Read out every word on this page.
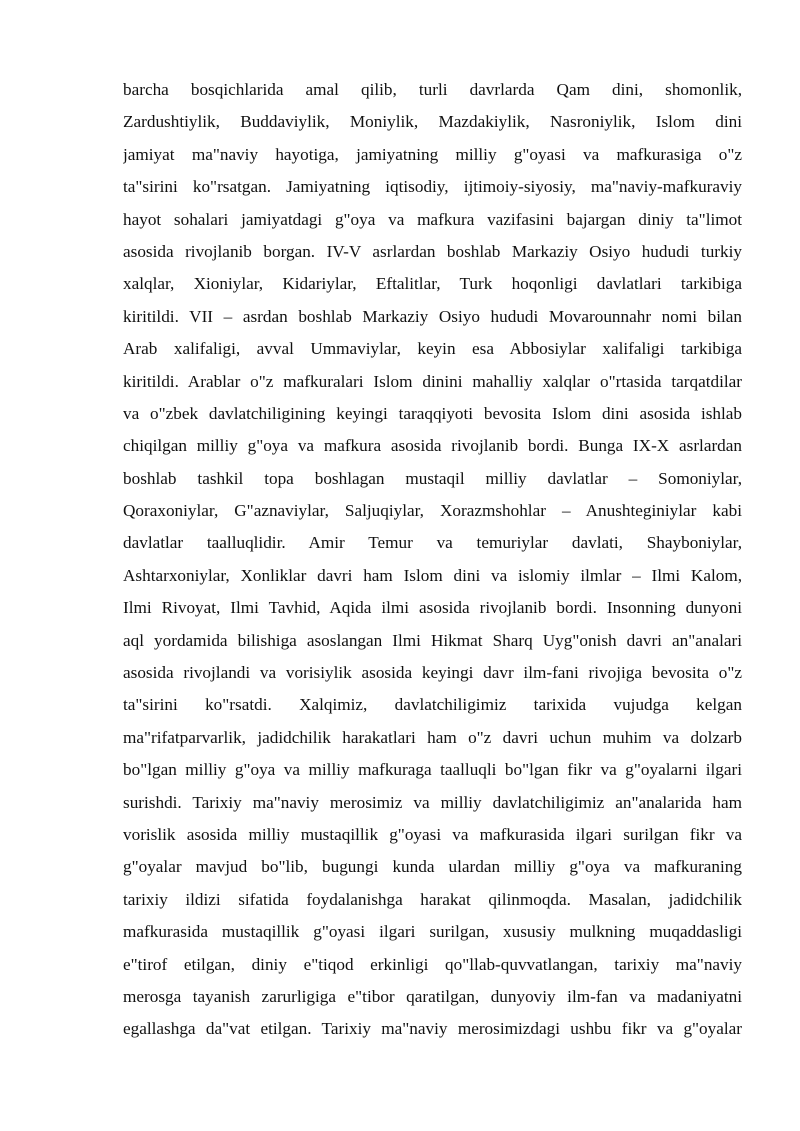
barcha bosqichlarida amal qilib, turli davrlarda Qam dini, shomonlik,
Zardushtiylik, Buddaviylik, Moniylik, Mazdakiylik, Nasroniylik, Islom dini
jamiyat ma"naviy hayotiga, jamiyatning milliy g"oyasi va mafkurasiga o"z
ta"sirini ko"rsatgan. Jamiyatning iqtisodiy, ijtimoiy-siyosiy, ma"naviy-mafkuraviy
hayot sohalari jamiyatdagi g"oya va mafkura vazifasini bajargan diniy ta"limot
asosida rivojlanib borgan. IV-V asrlardan boshlab Markaziy Osiyo hududi turkiy
xalqlar, Xioniylar, Kidariylar, Eftalitlar, Turk hoqonligi davlatlari tarkibiga
kiritildi. VII – asrdan boshlab Markaziy Osiyo hududi Movarounnahr nomi bilan
Arab xalifaligi, avval Ummaviylar, keyin esa Abbosiylar xalifaligi tarkibiga
kiritildi. Arablar o"z mafkuralari Islom dinini mahalliy xalqlar o"rtasida tarqatdilar
va o"zbek davlatchiligining keyingi taraqqiyoti bevosita Islom dini asosida ishlab
chiqilgan milliy g"oya va mafkura asosida rivojlanib bordi. Bunga IX-X asrlardan
boshlab tashkil topa boshlagan mustaqil milliy davlatlar – Somoniylar,
Qoraxoniylar, G"aznaviylar, Saljuqiylar, Xorazmshohlar – Anushteginiylar kabi
davlatlar taalluqlidir. Amir Temur va temuriylar davlati, Shayboniylar,
Ashtarxoniylar, Xonliklar davri ham Islom dini va islomiy ilmlar – Ilmi Kalom,
Ilmi Rivoyat, Ilmi Tavhid, Aqida ilmi asosida rivojlanib bordi. Insonning dunyoni
aql yordamida bilishiga asoslangan Ilmi Hikmat Sharq Uyg"onish davri an"analari
asosida rivojlandi va vorisiylik asosida keyingi davr ilm-fani rivojiga bevosita o"z
ta"sirini ko"rsatdi. Xalqimiz, davlatchiligimiz tarixida vujudga kelgan
ma"rifatparvarlik, jadidchilik harakatlari ham o"z davri uchun muhim va dolzarb
bo"lgan milliy g"oya va milliy mafkuraga taalluqli bo"lgan fikr va g"oyalarni ilgari
surishdi. Tarixiy ma"naviy merosimiz va milliy davlatchiligimiz an"analarida ham
vorislik asosida milliy mustaqillik g"oyasi va mafkurasida ilgari surilgan fikr va
g"oyalar mavjud bo"lib, bugungi kunda ulardan milliy g"oya va mafkuraning
tarixiy ildizi sifatida foydalanishga harakat qilinmoqda. Masalan, jadidchilik
mafkurasida mustaqillik g"oyasi ilgari surilgan, xususiy mulkning muqaddasligi
e"tirof etilgan, diniy e"tiqod erkinligi qo"llab-quvvatlangan, tarixiy ma"naviy
merosga tayanish zarurligiga e"tibor qaratilgan, dunyoviy ilm-fan va madaniyatni
egallashga da"vat etilgan. Tarixiy ma"naviy merosimizdagi ushbu fikr va g"oyalar
